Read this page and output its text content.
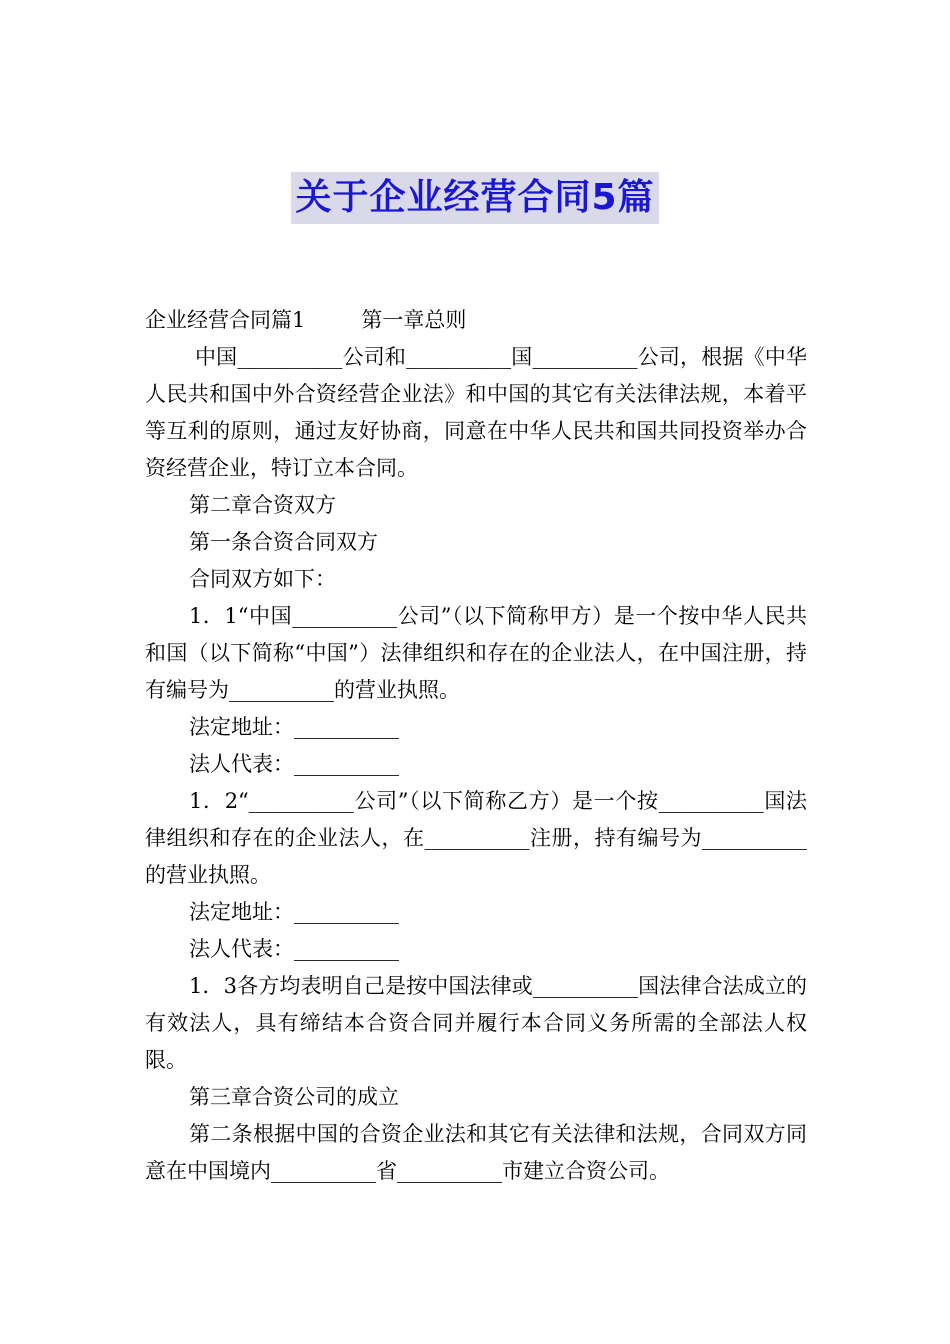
关于企业经营合同5篇

企业经营合同篇1	第一章总则

中国__________公司和__________国__________公司，根据《中华人民共和国中外合资经营企业法》和中国的其它有关法律法规，本着平等互利的原则，通过友好协商，同意在中华人民共和国共同投资举办合资经营企业，特订立本合同。

第二章合资双方

第一条合资合同双方

合同双方如下：

1．1“中国__________公司”（以下简称甲方）是一个按中华人民共和国（以下简称“中国”）法律组织和存在的企业法人，在中国注册，持有编号为__________的营业执照。

法定地址：__________

法人代表：__________

1．2“__________公司”（以下简称乙方）是一个按__________国法律组织和存在的企业法人，在__________注册，持有编号为__________的营业执照。

法定地址：__________

法人代表：__________

1．3各方均表明自己是按中国法律或__________国法律合法成立的有效法人，具有缔结本合资合同并履行本合同义务所需的全部法人权限。

第三章合资公司的成立

第二条根据中国的合资企业法和其它有关法律和法规，合同双方同意在中国境内__________省__________市建立合资公司。
